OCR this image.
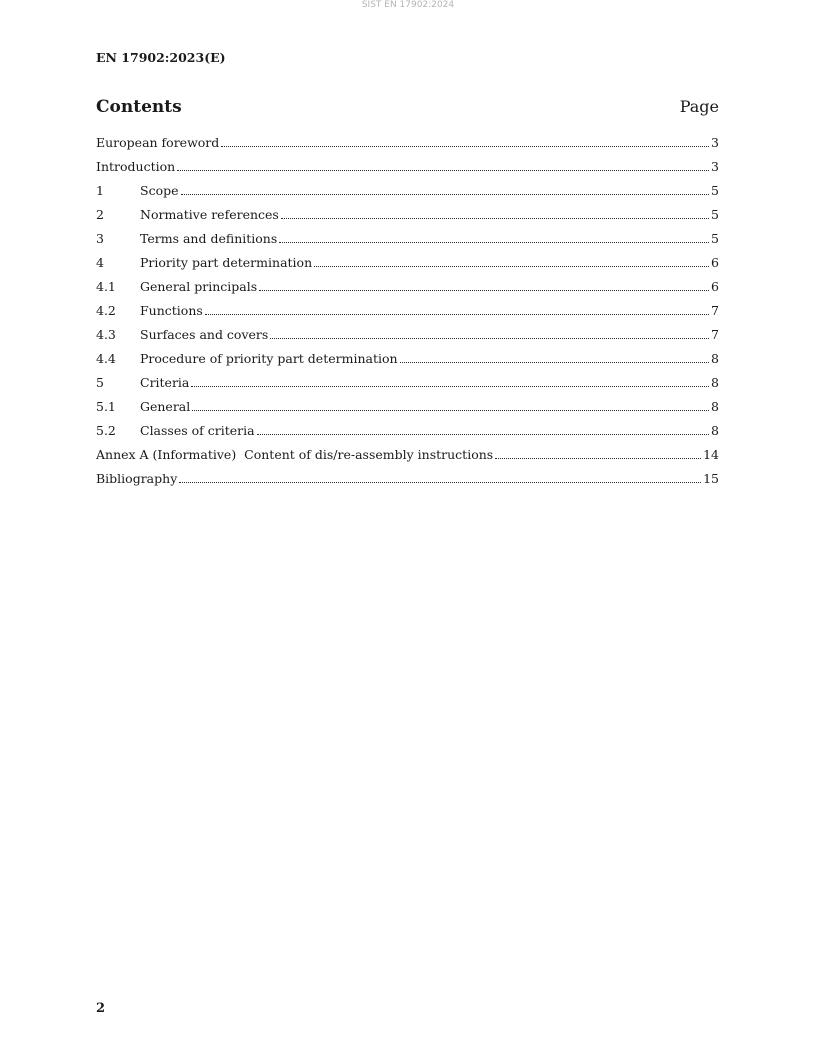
SIST EN 17902:2024
EN 17902:2023(E)
Contents	Page
European foreword	3
Introduction	3
1	Scope	5
2	Normative references	5
3	Terms and definitions	5
4	Priority part determination	6
4.1	General principals	6
4.2	Functions	7
4.3	Surfaces and covers	7
4.4	Procedure of priority part determination	8
5	Criteria	8
5.1	General	8
5.2	Classes of criteria	8
Annex A (Informative)  Content of dis/re-assembly instructions	14
Bibliography	15
2
